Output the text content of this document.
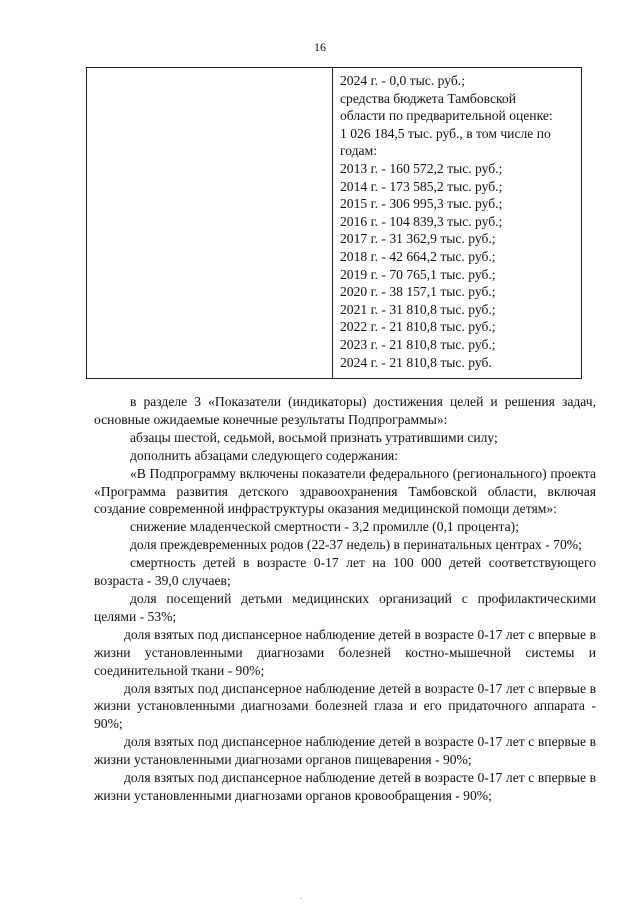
16
2024 г. - 0,0 тыс. руб.;
средства бюджета Тамбовской
области по предварительной оценке:
1 026 184,5 тыс. руб., в том числе по
годам:
2013 г. - 160 572,2 тыс. руб.;
2014 г. - 173 585,2 тыс. руб.;
2015 г. - 306 995,3 тыс. руб.;
2016 г. - 104 839,3 тыс. руб.;
2017 г. - 31 362,9 тыс. руб.;
2018 г. - 42 664,2 тыс. руб.;
2019 г. - 70 765,1 тыс. руб.;
2020 г. - 38 157,1 тыс. руб.;
2021 г. - 31 810,8 тыс. руб.;
2022 г. - 21 810,8 тыс. руб.;
2023 г. - 21 810,8 тыс. руб.;
2024 г. - 21 810,8 тыс. руб.

в разделе 3 «Показатели (индикаторы) достижения целей и решения задач, основные ожидаемые конечные результаты Подпрограммы»:

абзацы шестой, седьмой, восьмой признать утратившими силу;

дополнить абзацами следующего содержания:

«В Подпрограмму включены показатели федерального (регионального) проекта «Программа развития детского здравоохранения Тамбовской области, включая создание современной инфраструктуры оказания медицинской помощи детям»:

снижение младенческой смертности - 3,2 промилле (0,1 процента);

доля преждевременных родов (22-37 недель) в перинатальных центрах - 70%;

смертность детей в возрасте 0-17 лет на 100 000 детей соответствующего возраста - 39,0 случаев;

доля посещений детьми медицинских организаций с профилактическими целями - 53%;

доля взятых под диспансерное наблюдение детей в возрасте 0-17 лет с впервые в жизни установленными диагнозами болезней костно-мышечной системы и соединительной ткани - 90%;

доля взятых под диспансерное наблюдение детей в возрасте 0-17 лет с впервые в жизни установленными диагнозами болезней глаза и его придаточного аппарата - 90%;

доля взятых под диспансерное наблюдение детей в возрасте 0-17 лет с впервые в жизни установленными диагнозами органов пищеварения - 90%;

доля взятых под диспансерное наблюдение детей в возрасте 0-17 лет с впервые в жизни установленными диагнозами органов кровообращения - 90%;

.
